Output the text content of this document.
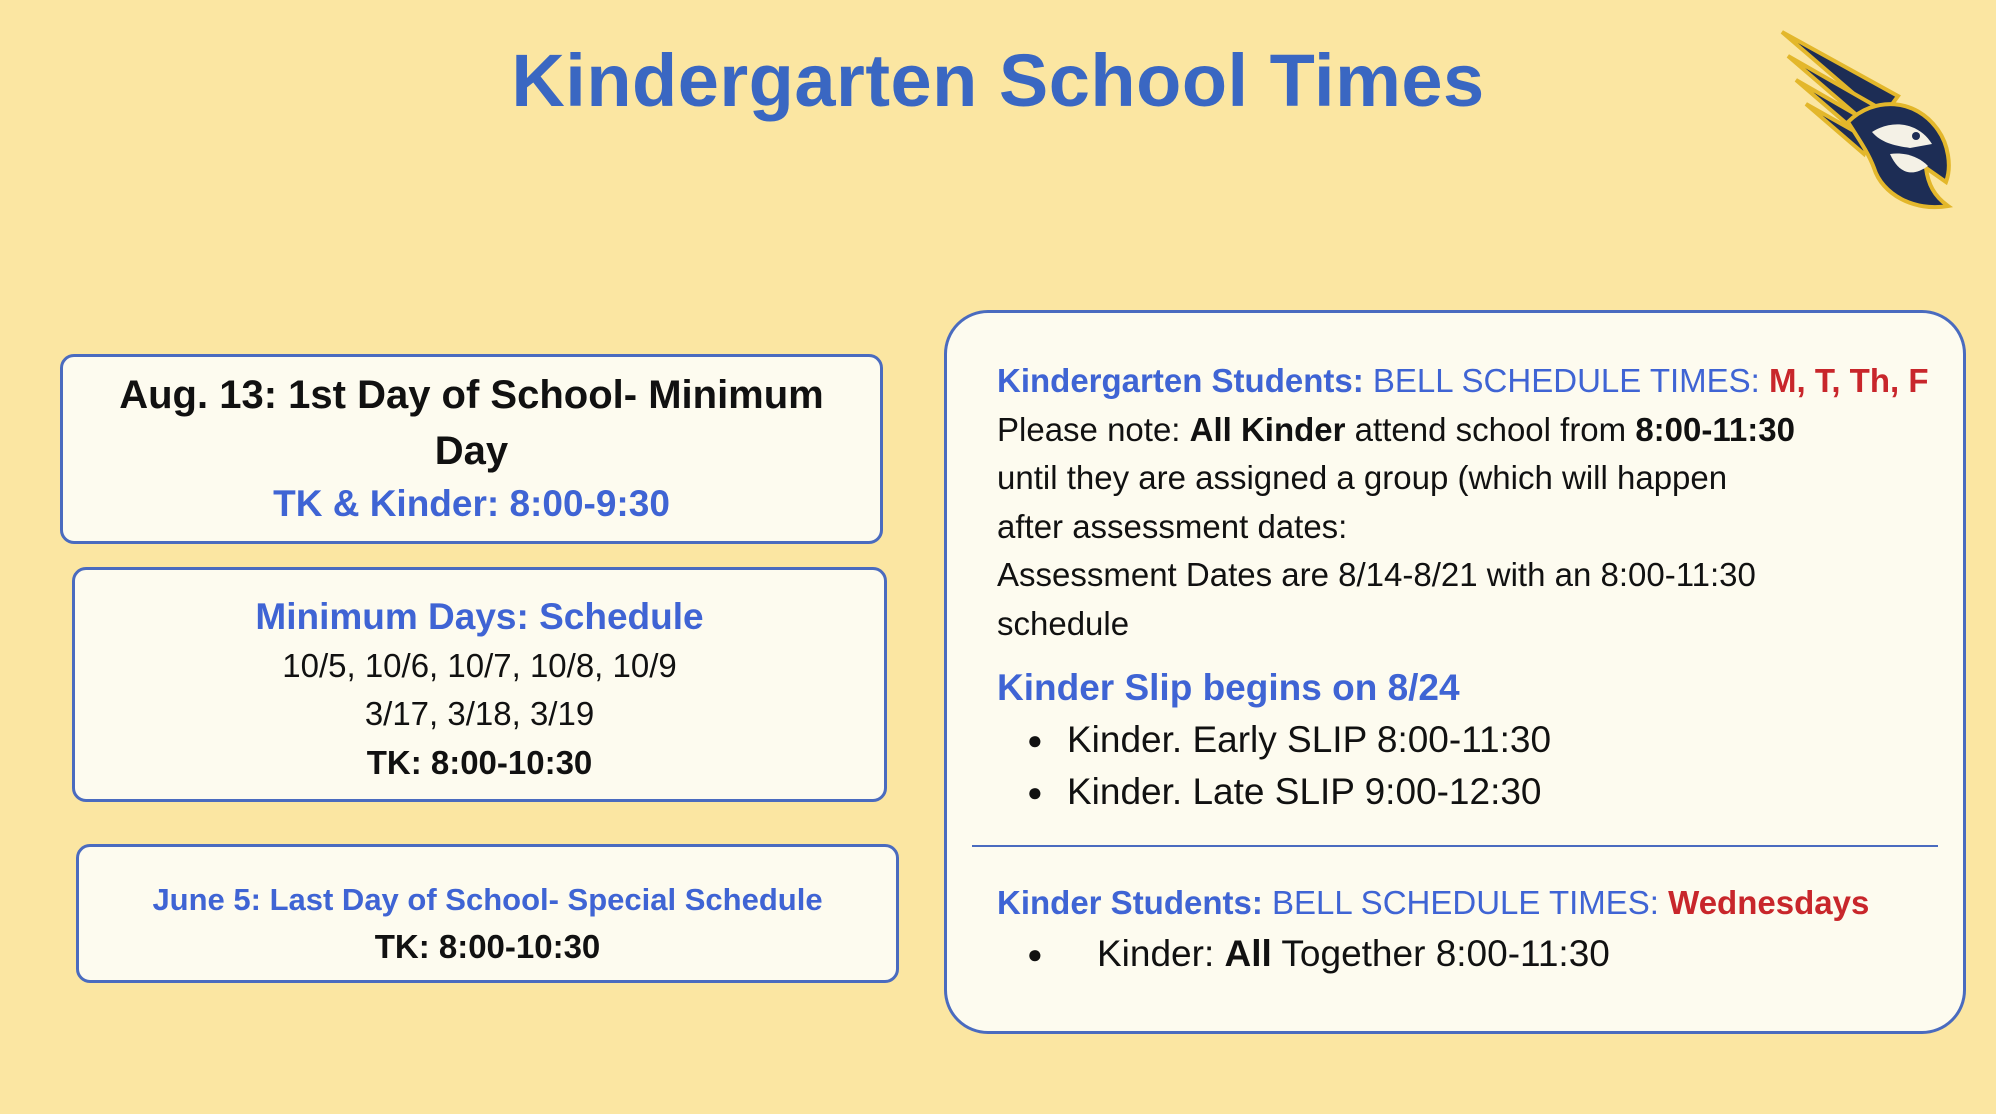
Kindergarten School Times
Aug. 13: 1st Day of School- Minimum Day
TK & Kinder: 8:00-9:30
Minimum Days: Schedule
10/5, 10/6, 10/7, 10/8, 10/9
3/17, 3/18, 3/19
TK: 8:00-10:30
June 5: Last Day of School- Special Schedule
TK: 8:00-10:30
Kindergarten Students: BELL SCHEDULE TIMES: M, T, Th, F
Please note: All Kinder attend school from 8:00-11:30
until they are assigned a group (which will happen
after assessment dates:
Assessment Dates are 8/14-8/21 with an 8:00-11:30
schedule
Kinder Slip begins on 8/24
● Kinder. Early SLIP 8:00-11:30
● Kinder. Late SLIP 9:00-12:30
Kinder Students: BELL SCHEDULE TIMES: Wednesdays
● Kinder: All Together 8:00-11:30
